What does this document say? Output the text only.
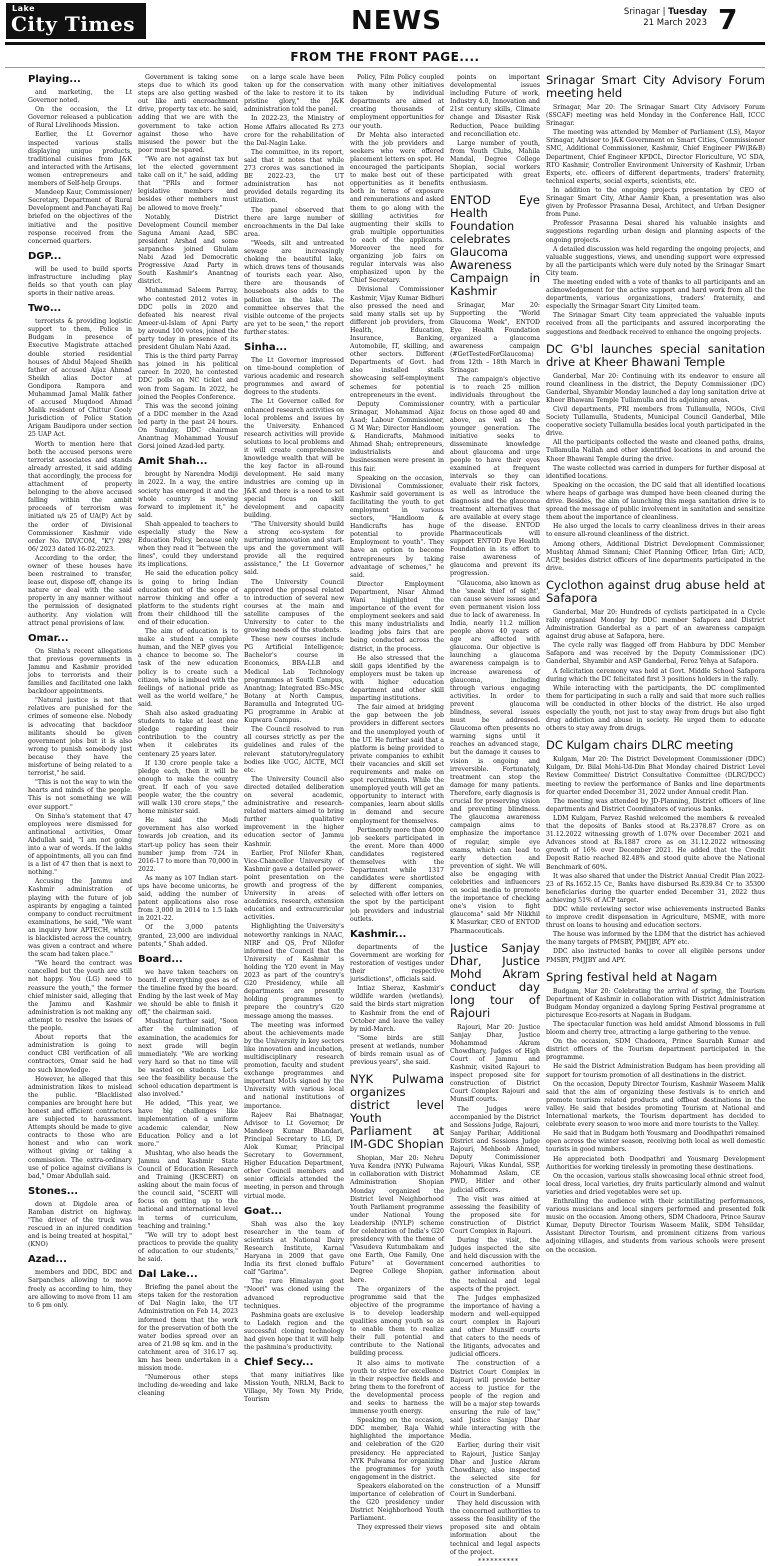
Lake
City Times	NEWS	Srinagar | Tuesday
21 March 2023 7
FROM THE FRONT PAGE....
Playing...

and marketing, the Lt Governor noted.

On the occasion, the Lt Governor released a publication of Rural Livelihoods Mission.

Earlier, the Lt Governor inspected various stalls displaying unique products, traditional cuisines from J&K and interacted with the Artisans, women entrepreneurs and members of Self-help Groups.

Mandeep Kaur, Commissioner/ Secretary, Department of Rural Development and Panchayati Raj briefed on the objectives of the initiative and the positive response received from the concerned quarters.

DGP...

will be used to build sports infrastructure including play fields so that youth can play sports in their native areas.

Two...

terrorists & providing logistic support to them, Police in Budgam in presence of Executive Magistrate attached double storied residential houses of Abdul Majeed Sheikh father of accused Aijaz Ahmad Sheikh alias Doctor at Gondipora Rampora and Muhammad Jamal Malik father of accused Muqdood Ahmad Malik resident of Chittur Gooly Jurisdiction of Police Station Arigam Baudipora under section 25 UAP Act.

Worth to mention here that both the accused persons were terrorist associates and stands already arrested, it said adding that accordingly, the process for attachment of property belonging to the above accused falling within the ambit proceeds of terrorism was initiated u/s 25 of UA(P) Act by the order of Divisional Commissioner Kashmir vide order No. DIV/COM, "K"/ 298/ 06/ 2023 dated 16-02-2023.

According to the order, the owner of these houses have been restrained to transfer, lease out, dispose off, change its nature or deal with the said property in any manner without the permission of designated authority. Any violation will attract penal provisions of law.

Omar...

On Sinha's recent allegations that previous governments in Jammu and Kashmir provided jobs to terrorists and their families and facilitated one lakh backdoor appointments.

"Natural justice is not that relatives are punished for the crimes of someone else. Nobody is advocating that backdoor militants should be given government jobs but it is also wrong to punish somebody just because they have the misfortune of being related to a terrorist," he said.

"This is not the way to win the hearts and minds of the people. This is not something we will ever support."

On Sinha's statement that 47 employees were dismissed for antinational activities, Omar Abdullah said, "I am not going into a war of words. If the lakhs of appointments, all you can find is a list of 47 then that is next to nothing."

Accusing the Jammu and Kashmir administration of playing with the future of job aspirants by engaging a tainted company to conduct recruitment examinations, he said, "We want an inquiry how APTECH, which is blacklisted across the country, was given a contract and where the scam had taken place."

"We heard the contract was cancelled but the youth are still not happy. You (LG) need to reassure the youth," the former chief minister said, alleging that the Jammu and Kashmir administration is not making any attempt to resolve the issues of the people.

About reports that the administration is going to conduct CBI verification of all contractors, Omar said he had no such knowledge.

However, he alleged that this administration likes to mislead the public. "Blacklisted companies are brought here but honest and efficient contractors are subjected to harassment. Attempts should be made to give contracts to those who are honest and who can work without giving or taking a commission. The extra-ordinary use of police against civilians is bad," Omar Abdullah said.

Stones...

down at Digdole area of Ramban district on highway. "The driver of the truck was rescued in an injured condition and is being treated at hospital," (KNO)

Azad...

members and DDC, BDC and Sarpanches allowing to move freely as according to him, they are allowing to move from 11 am to 6 pm only.

Government is taking some steps due to which its good steps are also getting washed out like anti encroachment drive, property tax etc. he said, adding that we are with the government to take action against those who have misused the power but the poor must be spared.

"We are not against tax but let the elected government take call on it," he said, adding that "PRIs and former legislative members and besides other members must be allowed to move freely."

Notably, District Development Council member Saguna Amani Azad, SBC president Arshad and some sarpanches joined Ghulam Nabi Azad led Democratic Progressive Azad Party in South Kashmir's Anantnag district.

Muhammad Saleem Parray, who contested 2012 votes in DDC polls in 2020 and defeated his nearest rival Ameer-ul-Islam of Apni Party by around 100 votes, joined the party today in presence of its president Ghulam Nabi Azad.

This is the third party Parray has joined in his political career. In 2020, he contested DDC polls on NC ticket and won from Sagam. In 2022, he joined the Peoples Conference.

This was the second joining of a DDC member in the Azad led party in the past 24 hours. On Sunday, DDC chairman Anantnag Mohammad Yousuf Gorsi joined Azad-led party.

Amit Shah...

brought by Narendra Modiji in 2022. In a way, the entire society has emerged it and the whole country is moving forward to implement it," he said.

Shah appealed to teachers to especially study the New Education Policy, because only when they read it "between the lines", could they understand its implications.

He said the education policy is going to bring Indian education out of the scope of narrow thinking and offer a platform to the students right from their childhood till the end of their education.

The aim of education is to make a student a complete human, and the NEP gives you a chance to become so. The task of the new education policy is to create such a citizen, who is imbued with the feelings of national pride as well as the world welfare," he said.

Shah also asked graduating students to take at least one pledge regarding their contribution to the country when it celebrates its centenary 25 years later.

If 130 crore people take a pledge each, then it will be enough to make the country great. If each of you save people water, the the country will walk 130 crore steps," the home minister said.

He said the Modi government has also worked towards job creation, and its start-up policy has seen their number jump from 724 in 2016-17 to more than 70,000 in 2022.

As many as 107 Indian start-ups have become unicorns, he said, adding the number of patent applications also rose from 3,000 in 2014 to 1.5 lakh in 2021-22.

Of the 3,000 patents granted, 23,000 are individual patents," Shah added.

Board...

we have taken teachers on board. If everything goes as of the timeline fixed by the board. Ending by the last week of May we should be able to finish it off," the chairman said.

Mushtaq further said, "Soon after the culmination of examination, the academics for next grade will begin immediately. "We are working very hard so that no time will be wasted on students. Let's see the feasibility because the school education department is also involved."

He added, "This year, we have big challenges like implementation of a uniform academic calendar, New Education Policy and a lot more."

Mushtaq, who also heads the Jammu and Kashmir State Council of Education Research and Training (JKSCERT) on asking about the main focus of the council said, "SCERT will focus on getting up to the national and international level in terms of curriculum, teaching and training."

"We will try to adopt best practices to provide the quality of education to our students," he said.

Dal Lake...

Briefing the panel about the steps taken for the restoration of Dal Nagin lake, the UT Administration on Feb 14, 2023 informed them that the work for the preservation of both the water bodies spread over an area of 21.98 sq km. and in the catchment area of 316.17 sq. km has been undertaken in a mission mode.

"Numerous other steps including de-weeding and lake cleaning

on a large scale have been taken up for the conservation of the lake to restore it to its pristine glory," the J&K administration told the panel.

In 2022-23, the Ministry of Home Affairs allocated Rs 273 crore for the rehabilitation of the Dal-Nagin Lake.

The committee, in its report, said that it notes that while 273 crores was sanctioned in BE 2022-23, the UT administration has not provided details regarding its utilization.

The panel observed that there are large number of encroachments in the Dal lake area.

"Weeds, silt and untreated sewage are increasingly choking the beautiful lake, which draws tens of thousands of tourists each year. Also, there are thousands of houseboats also adds to the pollution in the lake. The committee observes that the visible outcome of the projects are yet to be seen," the report further states.

Sinha...

The Lt Governor impressed on time-bound completion of various academic and research programmes and award of degrees to the students.

The Lt Governor called for enhanced research activities on local problems and issues by the University. Enhanced research activities will provide solutions to local problems and it will create comprehensive knowledge wealth that will be the key factor in all-round development. He said many industries are coming up in J&K and there is a need to set special focus on skill development and capacity building.

"The University should build a strong eco-system for nurturing innovation and start-ups and the government will provide all the required assistance," the Lt Governor said.

The University Council approved the proposal related to introduction of several new courses at the main and satellite campuses of the University to cater to the growing needs of the students.

These new courses include PG Artificial Intelligence; Bachelor's course in Economics, BBA-LLB and Medical Lab Technology programmes at South Campus, Anantnag; Integrated BSc-MSc Botany at North Campus, Baramulla and Integrated UG-PG programme in Arabic at Kupwara Campus.

The Council resolved to run all courses strictly as per the guidelines and rules of the relevant statutory/regulatory bodies like UGC, AICTE, MCI etc.

The University Council also directed detailed deliberation on several academic, administrative and research-related matters aimed to bring further qualitative improvement in the higher education sector of Jammu Kashmir.

Earlier, Prof Nilofer Khan, Vice-Chancellor University of Kashmir gave a detailed power-point presentation on the growth and progress of the University in areas of academics, research, extension education and extracurricular activities.

Highlighting the University's noteworthy rankings in NAAC, NIRF and QS, Prof Nilofer informed the Council that the University of Kashmir is holding the Y20 event in May 2023 as part of the country's G20 Presidency, while all departments are presently holding programmes to prepare the country's G20 message among the masses.

The meeting was informed about the achievements made by the University in key sectors like innovation and incubation, multidisciplinary research promotion, faculty and student exchange programmes and important MoUs signed by the University with various local and national institutions of importance.

Rajeev Rai Bhatnagar, Advisor to Lt Governor, Dr Mandeep Kumar Bhandari, Principal Secretary to LG, Dr Alok Kumar, Principal Secretary to Government, Higher Education Department, other Council members and senior officials attended the meeting, in person and through virtual mode.

Goat...

Shah was also the key researcher in the team of scientists at National Dairy Research Institute, Karnal Haryana in 2009 that gave India its first cloned buffalo calf "Garima".

The rare Himalayan goat "Noori" was cloned using the advanced reproductive techniques.

Pashmina goats are exclusive to Ladakh region and the successful cloning technology had given hope that it will help the pashmina's productivity.

Chief Secy...

that many initiatives like Mission Youth, NRLM, Back to Village, My Town My Pride, Tourism

Policy, Film Policy coupled with many other initiatives taken by individual departments are aimed at creating thousands of employment opportunities for our youth.

Dr Mehta also interacted with the job providers and seekers who were offered placement letters on spot. He encouraged the participants to make best out of these opportunities as it benefits both in terms of exposure and remunerations and asked them to go along with the skilling activities for augmenting their skills to grab multiple opportunities to each of the applicants. Moreover the need for organizing job fairs on regular intervals was also emphasized upon by the Chief Secretary.

Divisional Commissioner Kashmir, Vijay Kumar Bidhuri also pressed the need and said many stalls set up by different job providers, from Health, Education, Insurance, Banking, Automobile, IT, skilling, and other sectors. Different Departments of Govt. had also installed stalls showcasing self-employment schemes for potential entrepreneurs in the event.

Deputy Commissioner Srinagar, Mohammad Aijaz Asad; Labour Commissioner, G M War; Director Handloom & Handicrafts, Mahmood Ahmad Shah; entrepreneurs, industrialists and businessmen were present in this fair.

Speaking on the occasion, Divisional Commissioner, Kashmir said government is facilitating the youth to get employment in various sectors, "Handloom & Handicrafts has huge potential to provide Employment to youth". They have an option to become entrepreneurs by taking advantage of schemes," he said.

Director Employment Department, Nisar Ahmad Wani highlighted the importance of the event for employment seekers and said this many industrialists and leading jobs fairs that are being conducted across the district, in the process.

He also stressed that the skill gaps identified by the employers must be taken up with higher education department and other skill imparting institutions.

The fair aimed at bridging the gap between the job providers in different sectors and the unemployed youth of the UT. He further said that a platform is being provided to private companies to exhibit their vacancies and skill set requirements and make on spot recruitments. While the unemployed youth will get an opportunity to interact with companies, learn about skills in demand and secure employment for themselves.

Pertinently more than 4000 job seekers participated in the event. More than 4000 candidates registered themselves with the Department while 1317 candidates were shortlisted by different companies, selected with offer letters on the spot by the participant job providers and industrial outlets.

Kashmir...

departments of the Government are working for restoration of vestiges under their respective jurisdictions", officials said.

Intiaz Sheraz, Kashmir's wildlife warden (wetlands), said the birds start migration to Kashmir from the end of October and leave the valley by mid-March.

"Some birds are still present at wetlands, number of birds remain usual as of previous years", she said.

NYK Pulwama organizes district level Youth Parliament at IM-GDC Shopian

Shopian, Mar 20: Nehru Yuva Kendra (NYK) Pulwama in collaboration with District Administration Shopian Monday organized the District level Neighborhood Youth Parliament programme under National Young Leadership (NYLP) scheme for celebration of India's G20 presidency with the theme of "Vasudeva Kutumbakam and one Earth, One Family, One Future" at Government Degree College Shopian, here.

The organizers of the programme said that the objective of the programme is to develop leadership qualities among youth so as to enable them to realize their full potential and contribute to the National building process.

It also aims to motivate youth to strive for excellence in their respective fields and bring them to the forefront of the developmental process and seeks to harness the immense youth energy.

Speaking on the occasion, DDC member, Raja Wahid highlighted the importance and celebration of the G20 presidency. He appreciated NYK Pulwama for organizing the programmes for youth engagement in the district.

Speakers elaborated on the importance of celebration of the G20 presidency under District Neighborhood Youth Parliament.

They expressed their views

points on important developmental issues including Future of work, Industry 4.0, Innovation and 21st century skills, Climate change and Disaster Risk Reduction, Peace building and reconciliation etc.

Large number of youth, from Youth Clubs, Mahila Mandal, Degree College Shopian, social workers participated with great enthusiasm.

ENTOD Eye Health Foundation celebrates Glaucoma Awareness Campaign in Kashmir

Srinagar, Mar 20: Supporting the "World Glaucoma Week", ENTOD Eye Health Foundation organized a glaucoma awareness campaign (#GetTestedForGlaucoma) from 12th – 18th March in Srinagar.

The campaign's objective is to reach 25 million individuals throughout the country, with a particular focus on those aged 40 and above, as well as the younger generation. The initiative seeks to disseminate knowledge about glaucoma and urge people to have their eyes examined at frequent intervals so they can evaluate their risk factors, as well as introduce the diagnosis and the glaucoma treatment alternatives that are available at every stage of the disease. ENTOD Pharmaceuticals will support ENTOD Eye Health Foundation in its effort to raise awareness of glaucoma and prevent its progression.

"Glaucoma, also known as the 'sneak thief of sight', can cause severe issues and even permanent vision loss due to lack of awareness. In India, nearly 11.2 million people above 40 years of age are affected with glaucoma. Our objective is launching a glaucoma awareness campaign is to increase awareness of glaucoma, including through various engaging activities. In order to prevent glaucoma blindness, several issues must be addressed. Glaucoma often presents no warning signs until it reaches an advanced stage, but the damage it causes to vision is ongoing and irreversible. Fortunately, treatment can stop the damage for many patients. Therefore, early diagnosis is crucial for preserving vision and preventing blindness. The glaucoma awareness campaign aims to emphasize the importance of regular, simple eye exams, which can lead to early detection and prevention of sight. We will also be engaging with celebrities and influencers on social media to promote the importance of checking one's vision to fight glaucoma" said Mr Nikkhil K Masurkar, CEO of ENTOD Pharmaceuticals.

Justice Sanjay Dhar, Justice Mohd Akram conduct day long tour of Rajouri

Rajouri, Mar 20: Justice Sanjay Dhar, Justice Mohammad Akram Chowdhary, Judges of High Court of Jammu and Kashmir, visited Rajouri to inspect proposed site for construction of District Court Complex Rajouri and Munsiff courts.

The Judges were accompanied by the District and Sessions Judge, Rajouri, Sanjay Parihar, Additional District and Sessions Judge Rajouri, Mehboob Ahmed, Deputy Commissioner Rajouri, Vikas Kundal, SSP, Mohammad Aslam, CE PWD, Hitler and other judicial officers.

The visit was aimed at assessing the feasibility of the proposed site for construction of District Court Complex in Rajouri.

During the visit, the Judges inspected the site and held discussion with the concerned authorities to gather information about the technical and legal aspects of the project.

The Judges emphasized the importance of having a modern and well-equipped court complex in Rajouri and other Munsiff courts that caters to the needs of the litigants, advocates and judicial officers.

The construction of a District Court Complex in Rajouri will provide better access to justice for the people of the region and will be a major step towards ensuring the rule of law," said Justice Sanjay Dhar while interacting with the Media.

Earlier, during their visit to Rajouri, Justice Sanjay Dhar and Justice Akram Chowdhary, also inspected the selected site for construction of a Munsiff Court in Sunderbani.

They held discussion with the concerned authorities to assess the feasibility of the proposed site and obtain information about the technical and legal aspects of the project.

**********

Srinagar Smart City Advisory Forum meeting held

Srinagar, Mar 20: The Srinagar Smart City Advisory Forum (SSCAF) meeting was held Monday in the Conference Hall, ICCC Srinagar.

The meeting was attended by Member of Parliament (LS), Mayor Srinagar, Advisor to J&K Government on Smart Cities, Commissioner SMC, Additional Commissioner, Kashmir, Chief Engineer PW(R&B) Department, Chief Engineer KPDCL, Director Floriculture, VC SDA, RTO Kashmir, Controller Environment University of Kashmir, Urban Experts, etc. officers of different departments, traders' fraternity, technical experts, social experts, scientists, etc.

In addition to the ongoing projects presentation by CEO of Srinagar Smart City, Athar Aamir Khan, a presentation was also given by Professor Prasanna Desai, Architect, and Urban Designer from Pune.

Professor Prasanna Desai shared his valuable insights and suggestions regarding urban design and planning aspects of the ongoing projects.

A detailed discussion was held regarding the ongoing projects, and valuable suggestions, views, and unending support were expressed by all the participants which were duly noted by the Srinagar Smart City team.

The meeting ended with a vote of thanks to all participants and an acknowledgement for the active support and hard work from all the departments, various organizations, traders' fraternity, and especially the Srinagar Smart City Limited team.

The Srinagar Smart City team appreciated the valuable inputs received from all the participants and assured incorporating the suggestions and feedback received to enhance the ongoing projects.

DC G'bl launches special sanitation drive at Kheer Bhawani Temple

Ganderbal, Mar 20: Continuing with its endeavor to ensure all round cleanliness in the district, the Deputy Commissioner (DC) Ganderbal, Shyambir Monday launched a day long sanitation drive at Kheer Bhawani Temple Tullamulla and its adjoining areas.

Civil departments, PRI members from Tullamulla, NGOs, Civil Society Tullamulla, Students, Municipal Council Ganderbal, Mile cooperative society Tullamulla besides local youth participated in the drive.

All the participants collected the waste and cleaned paths, drains, Tullamulla Nallah and other identified locations in and around the Kheer Bhawani Temple during the drive.

The waste collected was carried in dumpers for further disposal at identified locations.

Speaking on the occasion, the DC said that all identified locations where heaps of garbage was dumped have been cleaned during the drive. Besides, the aim of launching this mega sanitation drive is to spread the message of public involvement in sanitation and sensitize them about the importance of cleanliness.

He also urged the locals to carry cleanliness drives in their areas to ensure all-round cleanliness of the district.

Among others, Additional District Development Commissioner, Mushtaq Ahmad Simnani; Chief Planning Officer, Irfan Giri; ACD, ACP, besides district officers of line departments participated in the drive.

Cyclothon against drug abuse held at Safapora

Ganderbal, Mar 20: Hundreds of cyclists participated in a Cycle rally organised Monday by DDC member Safapora and District Administration Ganderbal as a part of an awareness campaign against drug abuse at Safapora, here.

The cycle rally was flagged off from Habbura by DDC Member Safapora and was received by the Deputy Commissioner (DC) Ganderbal, Shyambir and ASP Ganderbal, Feroz Yehya at Safapora.

A felicitation ceremony was held at Govt. Middle School Safapora during which the DC felicitated first 3 positions holders in the rally.

While interacting with the participants, the DC complimented them for participating in such a rally and said that more such rallies will be conducted in other blocks of the district. He also urged especially the youth, not just to stay away from drugs but also fight drug addiction and abuse in society. He urged them to educate others to stay away from drugs.

DC Kulgam chairs DLRC meeting

Kulgam, Mar 20: The District Development Commissioner (DDC) Kulgam, Dr. Bilal Mohi-Ud-Din Bhat Monday chaired District Level Review Committee/ District Consultative Committee (DLRC/DCC) meeting to review the performance of Banks and line departments for quarter ended December 31, 2022 under Annual credit Plan.

The meeting was attended by JD-Planning, District officers of line departments and District Coordinators of various banks.

LDM Kulgam, Parvez Rashid welcomed the members & revealed that the deposits of Banks stood at Rs.2378.87 Crore as on 31.12.2022 witnessing growth of 1.07% over December 2021 and Advances stood at Rs.1887 crore as on 31.12.2022 witnessing growth of 16% over December 2021. He added that the Credit Deposit Ratio reached 82.48% and stood quite above the National Benchmark of 60%.

It was also shared that under the District Annual Credit Plan 2022-23 of Rs.1652.15 Cr., Banks have disbursed Rs.839.84 Cr to 35300 beneficiaries during the quarter ended December 31, 2022 thus achieving 51% of ACP target.

DDC while reviewing sector wise achievements instructed Banks to improve credit dispensation in Agriculture, MSME, with more thrust on loans to housing and education sectors.

The house was informed by the LDM that the district has achieved the many targets of PMSBY, PMJJBY, APY etc.

DDC also instructed banks to cover all eligible persons under PMSBY, PMJJBY and APY.

Spring festival held at Nagam

Budgam, Mar 20: Celebrating the arrival of spring, the Tourism Department of Kashmir in collaboration with District Administration Budgam Monday organized a daylong Spring Festival programme at picturesque Eco-resorts at Nagam in Budgam.

The spectacular function was held amidst Almond blossoms in full bloom and cherry tree, attracting a large gathering to the venue.

On the occasion, SDM Chadoora, Prince Saurabh Kumar and district officers of the Tourism department participated in the programme.

He said the District Administration Budgam has been providing all support for tourism promotion of all destinations in the district.

On the occasion, Deputy Director Tourism, Kashmir Waseem Malik said that the aim of organizing these festivals is to enrich and promote tourism related products and offbeat destinations in the valley. He said that besides promoting Tourism at National and International markets, the Tourism department has decided to celebrate every season to woo more and more tourists to the Valley.

He said that in Budgam both Yousmarg and Doodhpathri remained open across the winter season, receiving both local as well domestic tourists in good numbers.

He appreciated both Doodpathri and Yousmarg Development Authorities for working tirelessly in promoting these destinations.

On the occasion, various stalls showcasing local ethnic street food, local dress, local varieties, dry fruits particularly almond and walnut varieties and dried vegetables were set up.

Enthralling the audience with their scintillating performances, various musicians and local singers performed and presented folk music on the occasion. Among others, SDM Chadoora, Prince Saurav Kumar, Deputy Director Tourism Waseem Malik, SDM Tehsildar, Assistant Director Tourism, and prominent citizens from various adjoining villages, and students from various schools were present on the occasion.
